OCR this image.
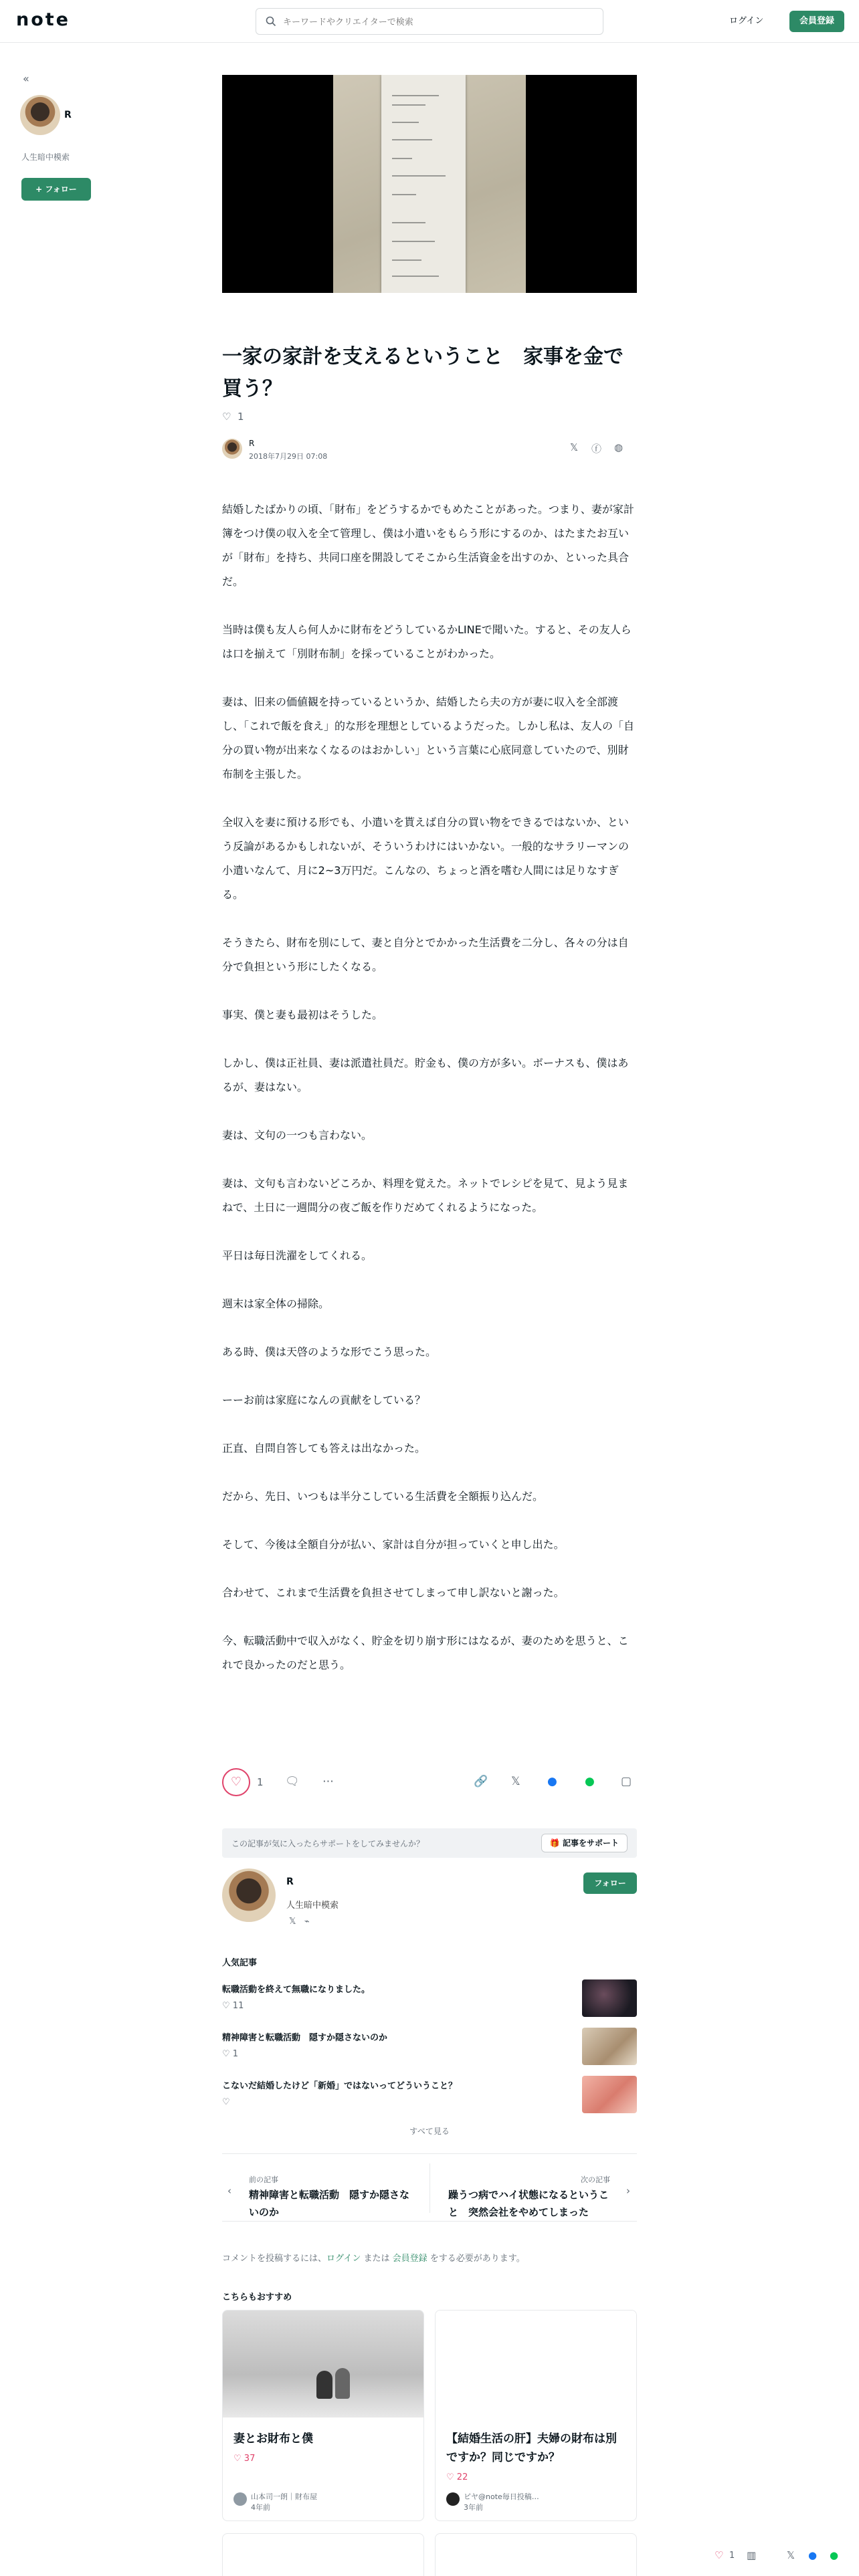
note
キーワードやクリエイターで検索	ログイン	会員登録
«
R
人生暗中模索
+ フォロー
一家の家計を支えるということ　家事を金で買う？
♡ 1
R
2018年7月29日 07:08
𝕏 ⓕ ◍

結婚したばかりの頃、「財布」をどうするかでもめたことがあった。つまり、妻が家計簿をつけ僕の収入を全て管理し、僕は小遣いをもらう形にするのか、はたまたお互いが「財布」を持ち、共同口座を開設してそこから生活資金を出すのか、といった具合だ。

当時は僕も友人ら何人かに財布をどうしているかLINEで聞いた。すると、その友人らは口を揃えて「別財布制」を採っていることがわかった。

妻は、旧来の価値観を持っているというか、結婚したら夫の方が妻に収入を全部渡し、「これで飯を食え」的な形を理想としているようだった。しかし私は、友人の「自分の買い物が出来なくなるのはおかしい」という言葉に心底同意していたので、別財布制を主張した。

全収入を妻に預ける形でも、小遣いを貰えば自分の買い物をできるではないか、という反論があるかもしれないが、そういうわけにはいかない。一般的なサラリーマンの小遣いなんて、月に2~3万円だ。こんなの、ちょっと酒を嗜む人間には足りなすぎる。

そうきたら、財布を別にして、妻と自分とでかかった生活費を二分し、各々の分は自分で負担という形にしたくなる。

事実、僕と妻も最初はそうした。

しかし、僕は正社員、妻は派遣社員だ。貯金も、僕の方が多い。ボーナスも、僕はあるが、妻はない。

妻は、文句の一つも言わない。

妻は、文句も言わないどころか、料理を覚えた。ネットでレシピを見て、見よう見まねで、土日に一週間分の夜ご飯を作りだめてくれるようになった。

平日は毎日洗濯をしてくれる。

週末は家全体の掃除。

ある時、僕は天啓のような形でこう思った。

ーーお前は家庭になんの貢献をしている？

正直、自問自答しても答えは出なかった。

だから、先日、いつもは半分こしている生活費を全額振り込んだ。

そして、今後は全額自分が払い、家計は自分が担っていくと申し出た。

合わせて、これまで生活費を負担させてしまって申し訳ないと謝った。

今、転職活動中で収入がなく、貯金を切り崩す形にはなるが、妻のためを思うと、これで良かったのだと思う。

♡	1 🗨 ⋯	🔗 𝕏 ● ● ▢
この記事が気に入ったらサポートをしてみませんか？	🎁 記事をサポート
R
人生暗中模索
𝕏 ⌁
フォロー
人気記事
転職活動を終えて無職になりました。
♡ 11
精神障害と転職活動　隠すか隠さないのか
♡ 1
こないだ結婚したけど「新婚」ではないってどういうこと？
♡
すべて見る
‹
前の記事
精神障害と転職活動　隠すか隠さないのか
次の記事
躁うつ病でハイ状態になるということ　突然会社をやめてしまった
›
コメントを投稿するには、ログイン または 会員登録 をする必要があります。
こちらもおすすめ
妻とお財布と僕
♡ 37
山本司一朗｜財布屋
4年前
【結婚生活の肝】夫婦の財布は別ですか？同じですか？
♡ 22
ピヤ@note毎日投稿…
3年前
♡ 1 ▥	𝕏 ● ●
